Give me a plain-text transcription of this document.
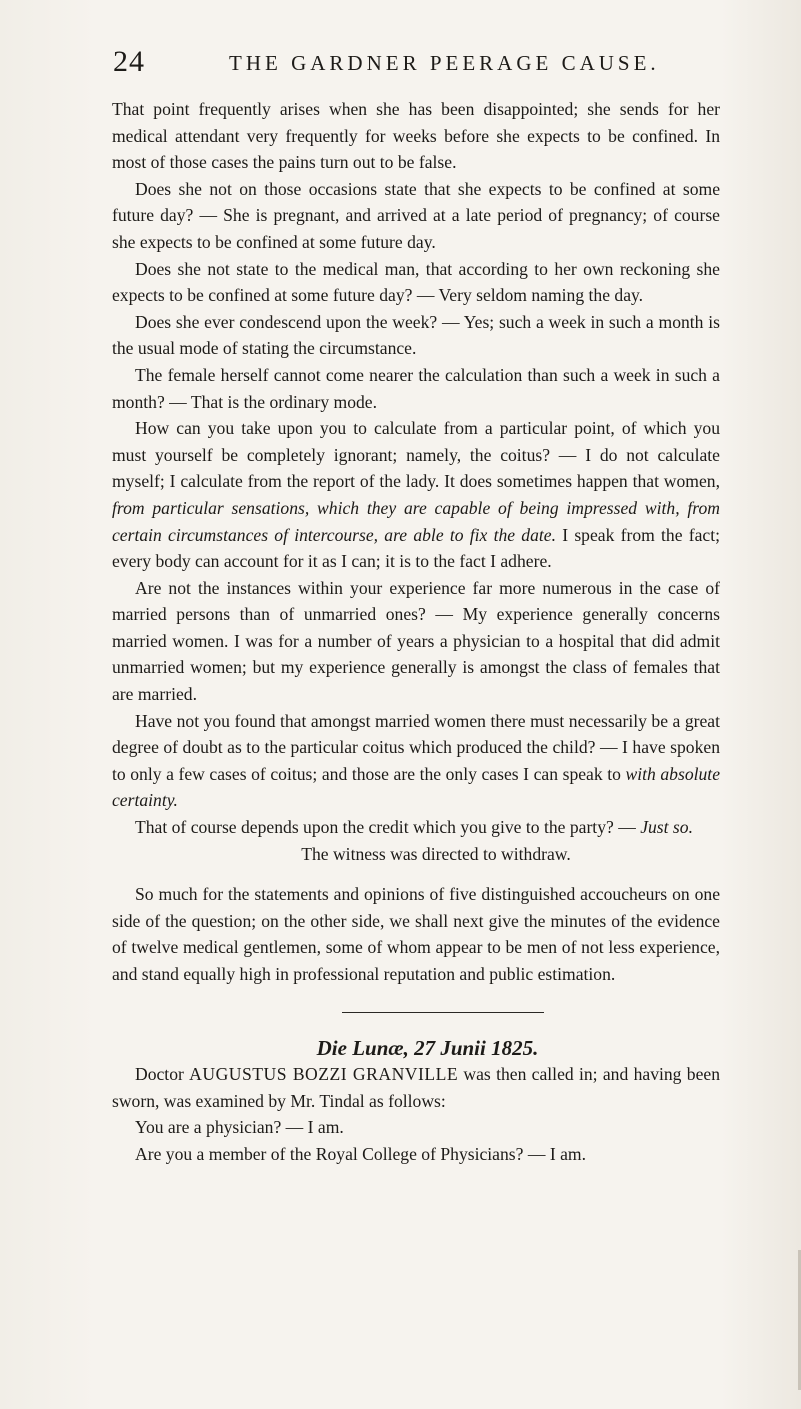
24	THE GARDNER PEERAGE CAUSE.

That point frequently arises when she has been disappointed; she sends for her medical attendant very frequently for weeks before she expects to be confined. In most of those cases the pains turn out to be false.

Does she not on those occasions state that she expects to be confined at some future day? — She is pregnant, and arrived at a late period of pregnancy; of course she expects to be confined at some future day.

Does she not state to the medical man, that according to her own reckoning she expects to be confined at some future day? — Very seldom naming the day.

Does she ever condescend upon the week? — Yes; such a week in such a month is the usual mode of stating the circumstance.

The female herself cannot come nearer the calculation than such a week in such a month? — That is the ordinary mode.

How can you take upon you to calculate from a particular point, of which you must yourself be completely ignorant; namely, the coitus? — I do not calculate myself; I calculate from the report of the lady. It does sometimes happen that women, from particular sensations, which they are capable of being impressed with, from certain circumstances of intercourse, are able to fix the date. I speak from the fact; every body can account for it as I can; it is to the fact I adhere.

Are not the instances within your experience far more numerous in the case of married persons than of unmarried ones? — My experience generally concerns married women. I was for a number of years a physician to a hospital that did admit unmarried women; but my experience generally is amongst the class of females that are married.

Have not you found that amongst married women there must necessarily be a great degree of doubt as to the particular coitus which produced the child? — I have spoken to only a few cases of coitus; and those are the only cases I can speak to with absolute certainty.

That of course depends upon the credit which you give to the party? — Just so.

The witness was directed to withdraw.

So much for the statements and opinions of five distinguished accoucheurs on one side of the question; on the other side, we shall next give the minutes of the evidence of twelve medical gentlemen, some of whom appear to be men of not less experience, and stand equally high in professional reputation and public estimation.

Die Lunæ, 27 Junii 1825.

Doctor AUGUSTUS BOZZI GRANVILLE was then called in; and having been sworn, was examined by Mr. Tindal as follows:

You are a physician? — I am.

Are you a member of the Royal College of Physicians? — I am.
